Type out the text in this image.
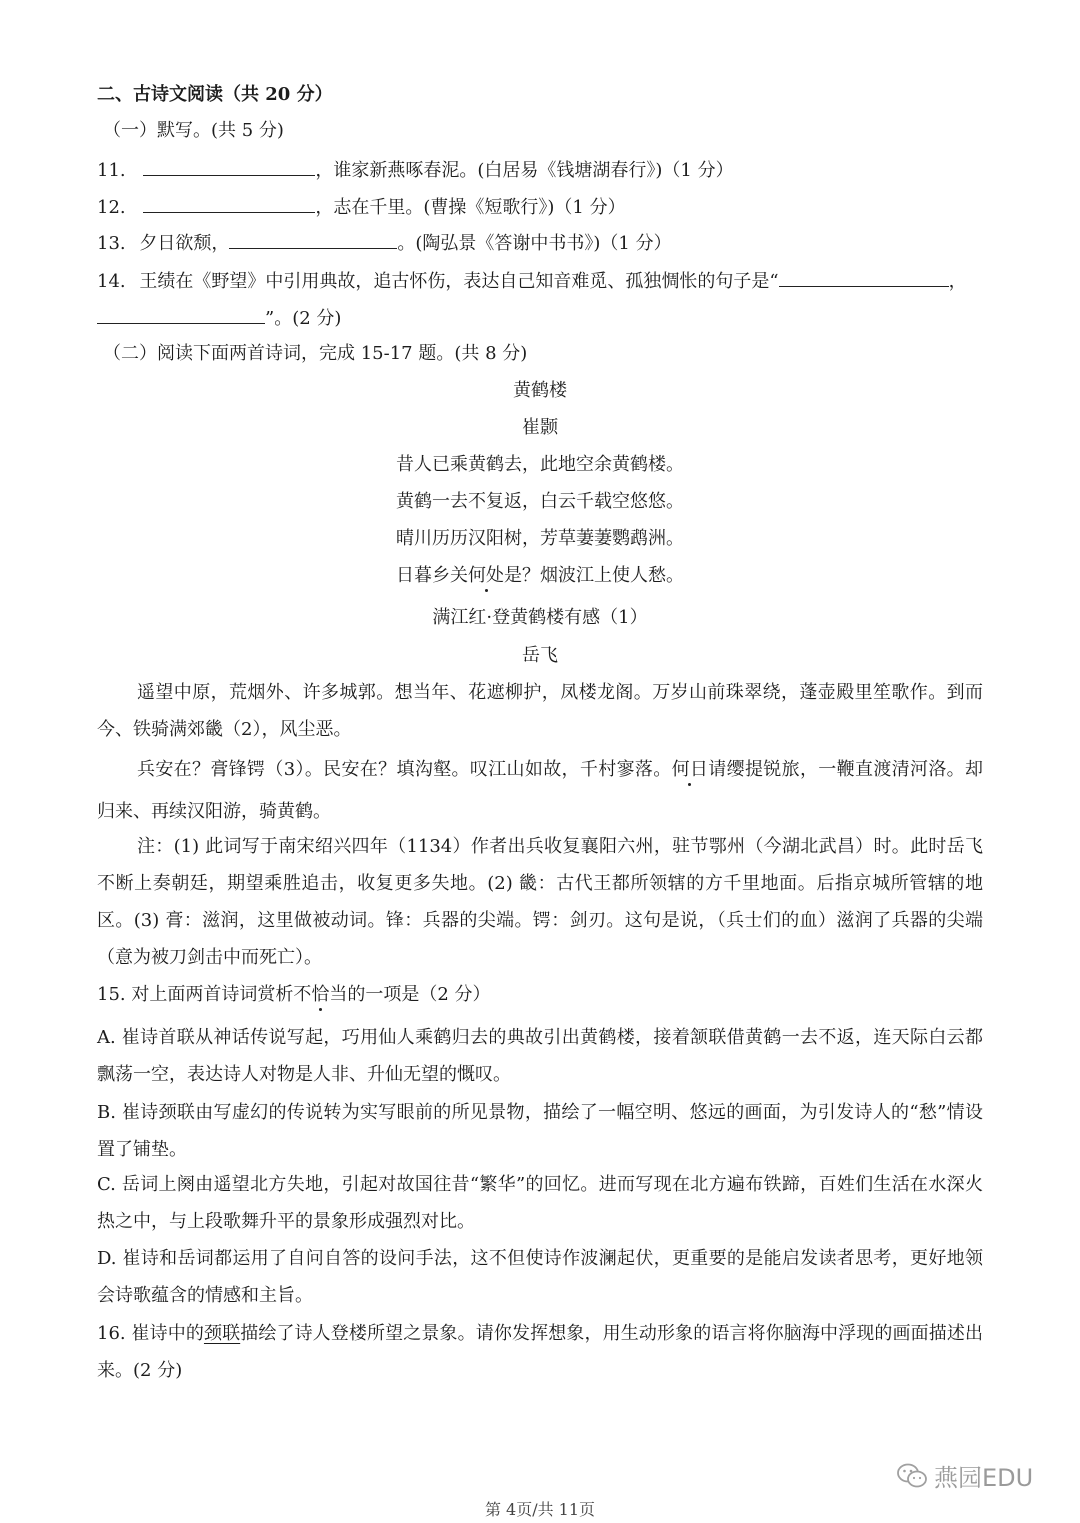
二、古诗文阅读（共 20 分）
（一）默写。(共 5 分)
11.	，谁家新燕啄春泥。(白居易《钱塘湖春行》)（1 分）
12.	，志在千里。(曹操《短歌行》)（1 分）
13. 夕日欲颓，	。(陶弘景《答谢中书书》)（1 分）
14. 王绩在《野望》中引用典故，追古怀伤，表达自己知音难觅、孤独惆怅的句子是“	，
”。(2 分)
（二）阅读下面两首诗词，完成 15-17 题。(共 8 分)
黄鹤楼
崔颢
昔人已乘黄鹤去，此地空余黄鹤楼。
黄鹤一去不复返，白云千载空悠悠。
晴川历历汉阳树，芳草萋萋鹦鹉洲。
日暮乡关何处是？烟波江上使人愁。
满江红·登黄鹤楼有感（1）
岳飞
遥望中原，荒烟外、许多城郭。想当年、花遮柳护，凤楼龙阁。万岁山前珠翠绕，蓬壶殿里笙歌作。到而今、铁骑满郊畿（2），风尘恶。
兵安在？膏锋锷（3）。民安在？填沟壑。叹江山如故，千村寥落。何日请缨提锐旅，一鞭直渡清河洛。却归来、再续汉阳游，骑黄鹤。
注：(1) 此词写于南宋绍兴四年（1134）作者出兵收复襄阳六州，驻节鄂州（今湖北武昌）时。此时岳飞不断上奏朝廷，期望乘胜追击，收复更多失地。(2) 畿：古代王都所领辖的方千里地面。后指京城所管辖的地区。(3) 膏：滋润，这里做被动词。锋：兵器的尖端。锷：剑刃。这句是说，（兵士们的血）滋润了兵器的尖端（意为被刀剑击中而死亡）。
15. 对上面两首诗词赏析不恰当的一项是（2 分）
A. 崔诗首联从神话传说写起，巧用仙人乘鹤归去的典故引出黄鹤楼，接着颔联借黄鹤一去不返，连天际白云都飘荡一空，表达诗人对物是人非、升仙无望的慨叹。
B. 崔诗颈联由写虚幻的传说转为实写眼前的所见景物，描绘了一幅空明、悠远的画面，为引发诗人的“愁”情设置了铺垫。
C. 岳词上阕由遥望北方失地，引起对故国往昔“繁华”的回忆。进而写现在北方遍布铁蹄，百姓们生活在水深火热之中，与上段歌舞升平的景象形成强烈对比。
D. 崔诗和岳词都运用了自问自答的设问手法，这不但使诗作波澜起伏，更重要的是能启发读者思考，更好地领会诗歌蕴含的情感和主旨。
16. 崔诗中的颈联描绘了诗人登楼所望之景象。请你发挥想象，用生动形象的语言将你脑海中浮现的画面描述出来。(2 分)
燕园EDU
第 4页/共 11页
